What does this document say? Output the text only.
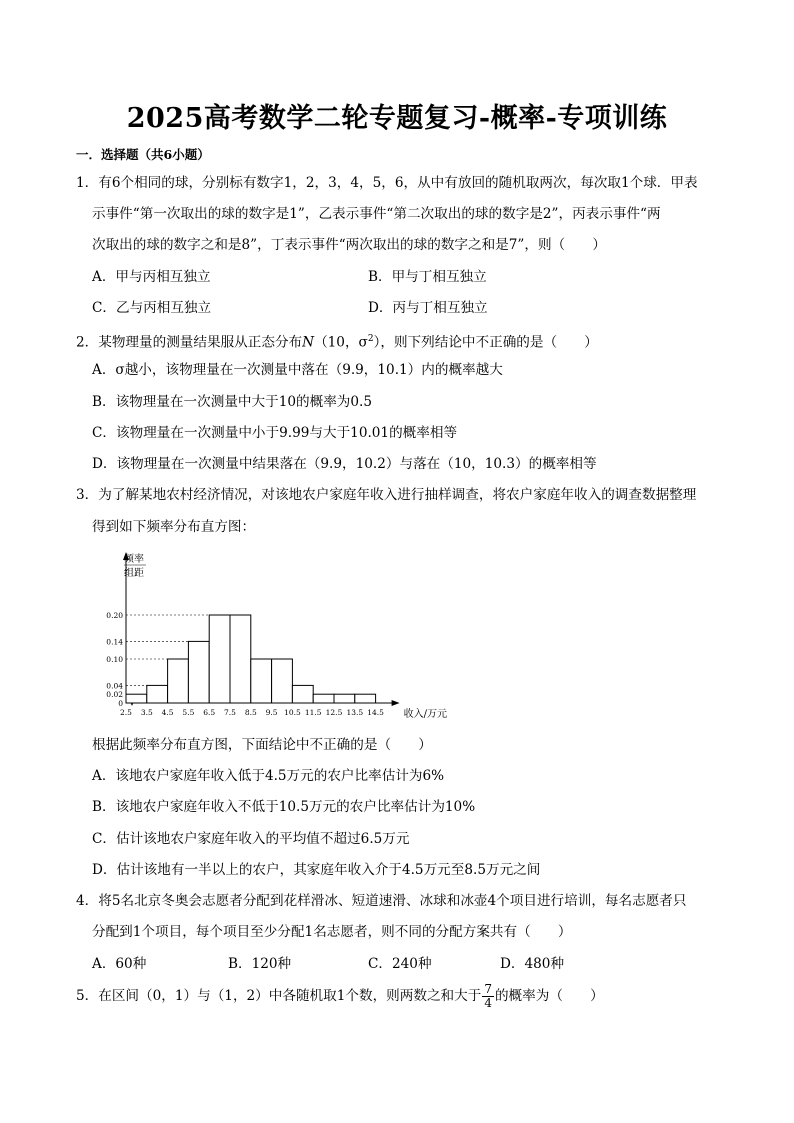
2025高考数学二轮专题复习-概率-专项训练
一．选择题（共6小题）
1．有6个相同的球，分别标有数字1，2，3，4，5，6，从中有放回的随机取两次，每次取1个球．甲表
示事件“第一次取出的球的数字是1”，乙表示事件“第二次取出的球的数字是2”，丙表示事件“两
次取出的球的数字之和是8”，丁表示事件“两次取出的球的数字之和是7”，则（　　）
A．甲与丙相互独立	B．甲与丁相互独立
C．乙与丙相互独立	D．丙与丁相互独立
2．某物理量的测量结果服从正态分布N（10，$\sigma^2$），则下列结论中不正确的是（　　）
A．σ越小，该物理量在一次测量中落在（9.9，10.1）内的概率越大
B．该物理量在一次测量中大于10的概率为0.5
C．该物理量在一次测量中小于9.99与大于10.01的概率相等
D．该物理量在一次测量中结果落在（9.9，10.2）与落在（10，10.3）的概率相等
3．为了解某地农村经济情况，对该地农户家庭年收入进行抽样调查，将农户家庭年收入的调查数据整理
得到如下频率分布直方图：
频率
组距
0
0.02
0.04
0.10
0.14
0.20
2.5 3.5 4.5 5.5 6.5 7.5 8.5 9.5 10.5 11.5 12.5 13.5 14.5 收入/万元
根据此频率分布直方图，下面结论中不正确的是（　　）
A．该地农户家庭年收入低于4.5万元的农户比率估计为6%
B．该地农户家庭年收入不低于10.5万元的农户比率估计为10%
C．估计该地农户家庭年收入的平均值不超过6.5万元
D．估计该地有一半以上的农户，其家庭年收入介于4.5万元至8.5万元之间
4．将5名北京冬奥会志愿者分配到花样滑冰、短道速滑、冰球和冰壶4个项目进行培训，每名志愿者只
分配到1个项目，每个项目至少分配1名志愿者，则不同的分配方案共有（　　）
A．60种	B．120种	C．240种	D．480种
5．在区间（0，1）与（1，2）中各随机取1个数，则两数之和大于 $\frac{7}{4}$ 的概率为（　　）
